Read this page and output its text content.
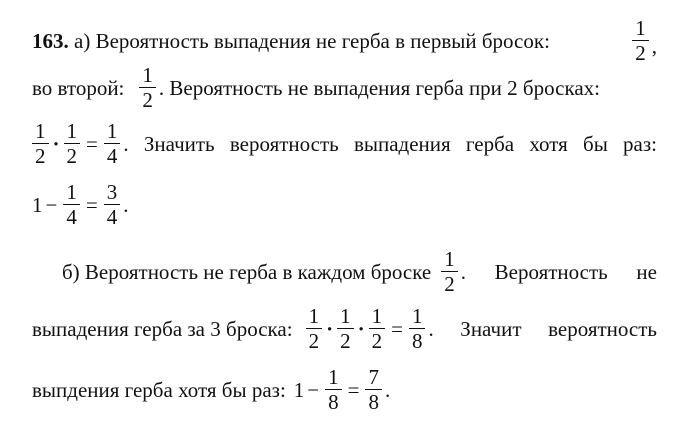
163. а) Вероятность выпадения не герба в первый бросок:	$\frac{1}{2}$ ,
во второй: $\frac{1}{2}$ . Вероятность не выпадения герба при 2 бросках:
$\frac{1}{2} \cdot \frac{1}{2} = \frac{1}{4}$ . Значить вероятность выпадения герба хотя бы раз:
$1 - \frac{1}{4} = \frac{3}{4}$ .
б) Вероятность не герба в каждом броске $\frac{1}{2}$ . Вероятность не
выпадения герба за 3 броска: $\frac{1}{2} \cdot \frac{1}{2} \cdot \frac{1}{2} = \frac{1}{8}$ . Значит вероятность
выпдения герба хотя бы раз: $1 - \frac{1}{8} = \frac{7}{8}$ .
